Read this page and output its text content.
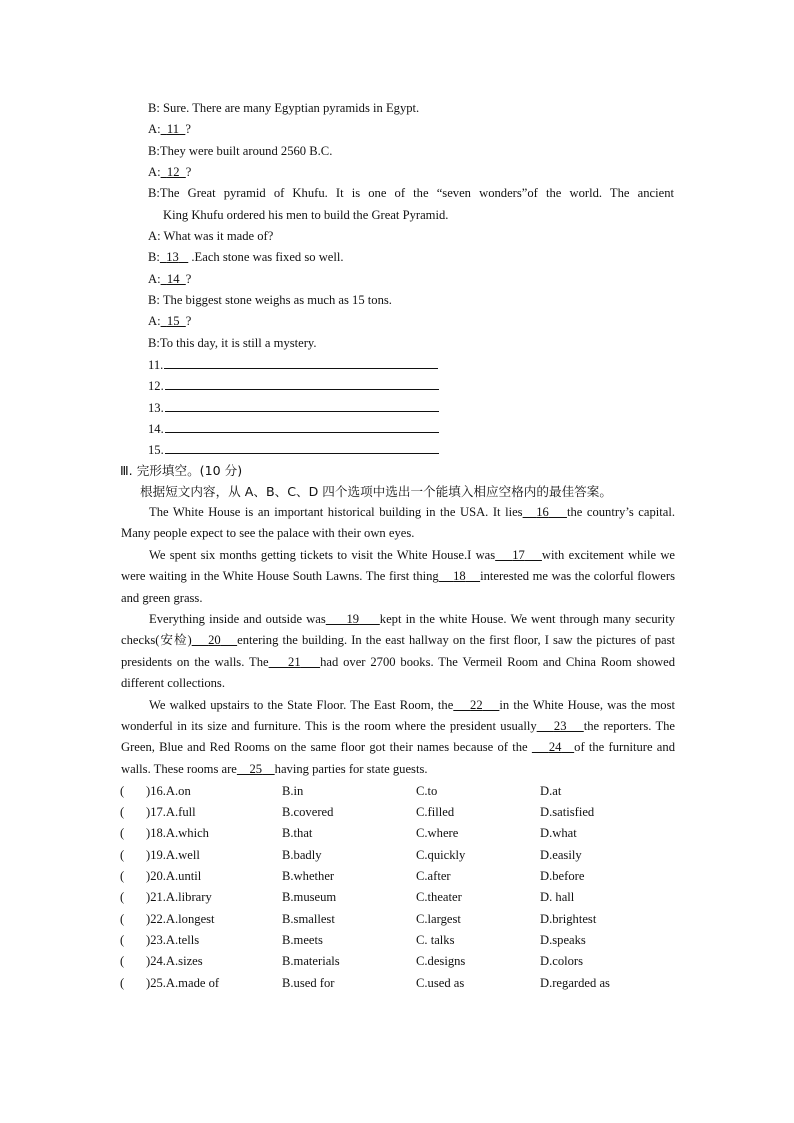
B: Sure. There are many Egyptian pyramids in Egypt.
A: 11 ?
B:They were built around 2560 B.C.
A: 12 ?
B:The Great pyramid of Khufu. It is one of the “seven wonders”of the world. The ancient
King Khufu ordered his men to build the Great Pyramid.
A: What was it made of?
B: 13    .Each stone was fixed so well.
A: 14 ?
B: The biggest stone weighs as much as 15 tons.
A: 15 ?
B:To this day, it is still a mystery.
11.
12.
13.
14.
15.
Ⅲ. 完形填空。(10 分)
根据短文内容，从 A、B、C、D 四个选项中选出一个能填入相应空格内的最佳答案。

The White House is an important historical building in the USA. It lies 16 the country’s capital. Many people expect to see the palace with their own eyes.

We spent six months getting tickets to visit the White House.I was 17 with excitement while we were waiting in the White House South Lawns. The first thing 18 interested me was the colorful flowers and green grass.

Everything inside and outside was 19 kept in the white House. We went through many security checks(安检) 20 entering the building. In the east hallway on the first floor, I saw the pictures of past presidents on the walls. The 21 had over 2700 books. The Vermeil Room and China Room showed different collections.

We walked upstairs to the State Floor. The East Room, the 22 in the White House, was the most wonderful in its size and furniture. This is the room where the president usually 23 the reporters. The Green, Blue and Red Rooms on the same floor got their names because of the 24 of the furniture and walls. These rooms are 25 having parties for state guests.

( )16.A.on	B.in	C.to	D.at
( )17.A.full	B.covered	C.filled	D.satisfied
( )18.A.which	B.that	C.where	D.what
( )19.A.well	B.badly	C.quickly	D.easily
( )20.A.until	B.whether	C.after	D.before
( )21.A.library	B.museum	C.theater	D. hall
( )22.A.longest	B.smallest	C.largest	D.brightest
( )23.A.tells	B.meets	C. talks	D.speaks
( )24.A.sizes	B.materials	C.designs	D.colors
( )25.A.made of	B.used for	C.used as	D.regarded as
